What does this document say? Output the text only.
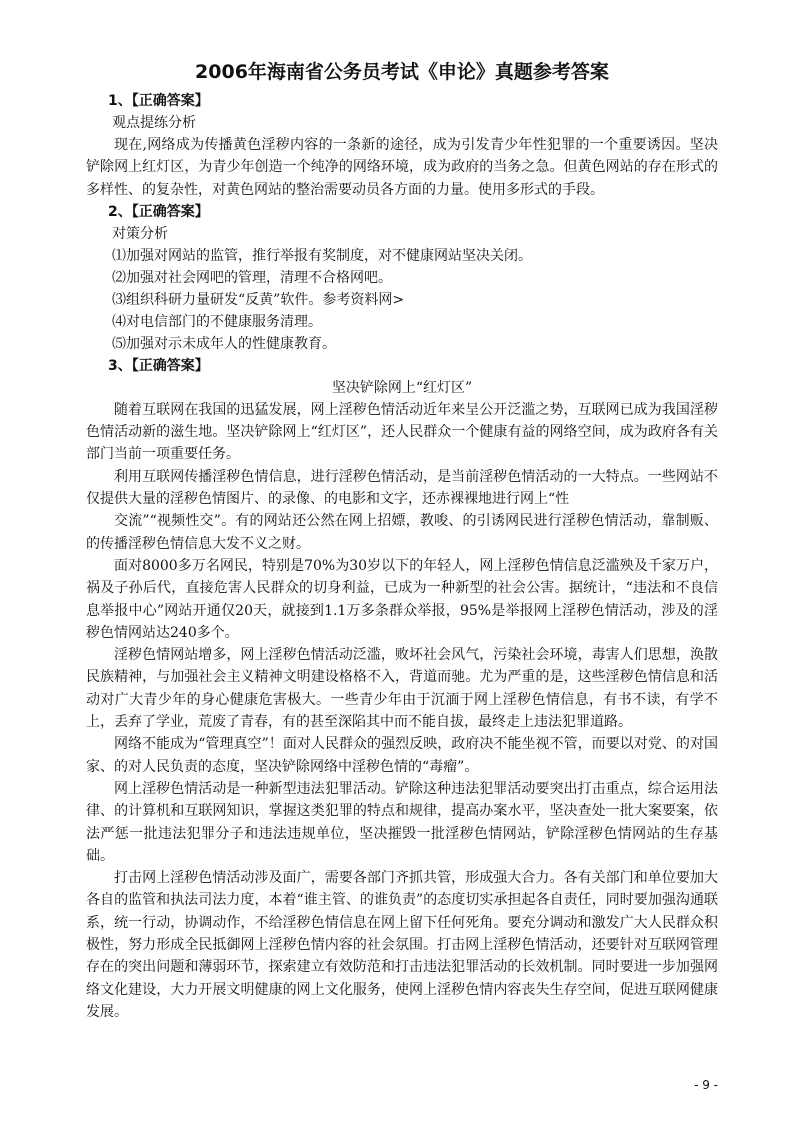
2006年海南省公务员考试《申论》真题参考答案

1、【正确答案】

观点提练分析

现在,网络成为传播黄色淫秽内容的一条新的途径，成为引发青少年性犯罪的一个重要诱因。坚决铲除网上红灯区，为青少年创造一个纯净的网络环境，成为政府的当务之急。但黄色网站的存在形式的多样性、的复杂性，对黄色网站的整治需要动员各方面的力量。使用多形式的手段。

2、【正确答案】

对策分析

⑴加强对网站的监管，推行举报有奖制度，对不健康网站坚决关闭。

⑵加强对社会网吧的管理，清理不合格网吧。

⑶组织科研力量研发“反黄”软件。参考资料网>

⑷对电信部门的不健康服务清理。

⑸加强对示未成年人的性健康教育。

3、【正确答案】

坚决铲除网上“红灯区”

随着互联网在我国的迅猛发展，网上淫秽色情活动近年来呈公开泛滥之势，互联网已成为我国淫秽色情活动新的滋生地。坚决铲除网上“红灯区”，还人民群众一个健康有益的网络空间，成为政府各有关部门当前一项重要任务。

利用互联网传播淫秽色情信息，进行淫秽色情活动，是当前淫秽色情活动的一大特点。一些网站不仅提供大量的淫秽色情图片、的录像、的电影和文字，还赤裸裸地进行网上“性

交流”“视频性交”。有的网站还公然在网上招嫖，教唆、的引诱网民进行淫秽色情活动，靠制贩、的传播淫秽色情信息大发不义之财。

面对8000多万名网民，特别是70%为30岁以下的年轻人，网上淫秽色情信息泛滥殃及千家万户，祸及子孙后代，直接危害人民群众的切身利益，已成为一种新型的社会公害。据统计，“违法和不良信息举报中心”网站开通仅20天，就接到1.1万多条群众举报，95%是举报网上淫秽色情活动，涉及的淫秽色情网站达240多个。

淫秽色情网站增多，网上淫秽色情活动泛滥，败坏社会风气，污染社会环境，毒害人们思想，涣散民族精神，与加强社会主义精神文明建设格格不入，背道而驰。尤为严重的是，这些淫秽色情信息和活动对广大青少年的身心健康危害极大。一些青少年由于沉湎于网上淫秽色情信息，有书不读，有学不上，丢弃了学业，荒废了青春，有的甚至深陷其中而不能自拔，最终走上违法犯罪道路。

网络不能成为“管理真空”！面对人民群众的强烈反映，政府决不能坐视不管，而要以对党、的对国家、的对人民负责的态度，坚决铲除网络中淫秽色情的“毒瘤”。

网上淫秽色情活动是一种新型违法犯罪活动。铲除这种违法犯罪活动要突出打击重点，综合运用法律、的计算机和互联网知识，掌握这类犯罪的特点和规律，提高办案水平，坚决查处一批大案要案，依法严惩一批违法犯罪分子和违法违规单位，坚决摧毁一批淫秽色情网站，铲除淫秽色情网站的生存基础。

打击网上淫秽色情活动涉及面广，需要各部门齐抓共管，形成强大合力。各有关部门和单位要加大各自的监管和执法司法力度，本着“谁主管、的谁负责”的态度切实承担起各自责任，同时要加强沟通联系，统一行动，协调动作，不给淫秽色情信息在网上留下任何死角。要充分调动和激发广大人民群众积极性，努力形成全民抵御网上淫秽色情内容的社会氛围。打击网上淫秽色情活动，还要针对互联网管理存在的突出问题和薄弱环节，探索建立有效防范和打击违法犯罪活动的长效机制。同时要进一步加强网络文化建设，大力开展文明健康的网上文化服务，使网上淫秽色情内容丧失生存空间，促进互联网健康发展。

- 9 -
